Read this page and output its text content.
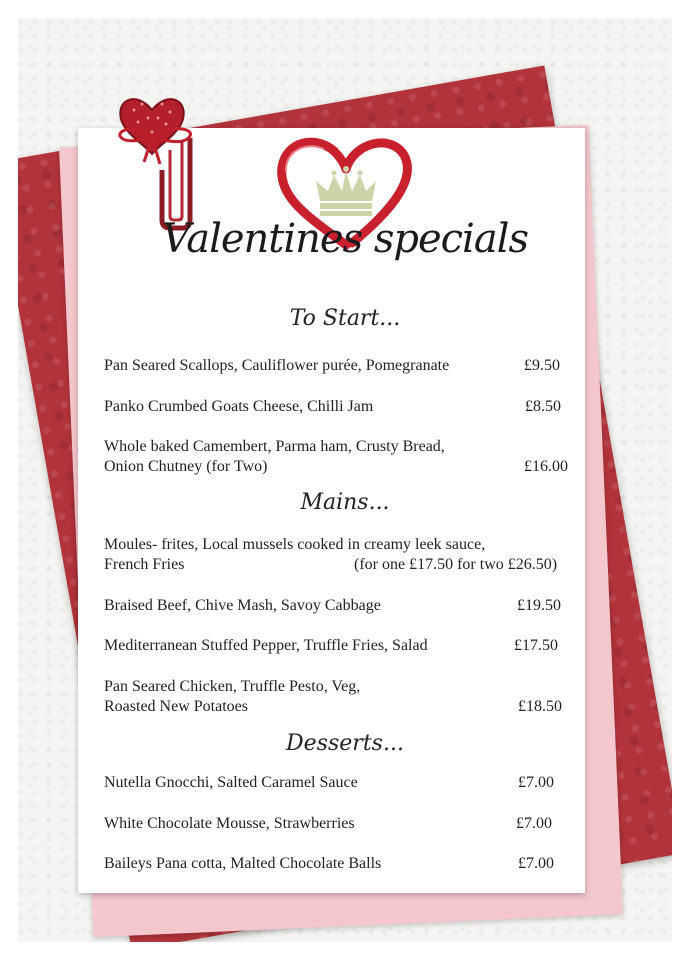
Valentines specials
To Start...
Pan Seared Scallops, Cauliflower purée, Pomegranate	£9.50
Panko Crumbed Goats Cheese, Chilli Jam	£8.50
Whole baked Camembert, Parma ham, Crusty Bread,
Onion Chutney (for Two)	£16.00
Mains...
Moules- frites, Local mussels cooked in creamy leek sauce,
French Fries	(for one £17.50 for two £26.50)
Braised Beef, Chive Mash, Savoy Cabbage	£19.50
Mediterranean Stuffed Pepper, Truffle Fries, Salad	£17.50
Pan Seared Chicken, Truffle Pesto, Veg,
Roasted New Potatoes	£18.50
Desserts...
Nutella Gnocchi, Salted Caramel Sauce	£7.00
White Chocolate Mousse, Strawberries	£7.00
Baileys Pana cotta, Malted Chocolate Balls	£7.00
